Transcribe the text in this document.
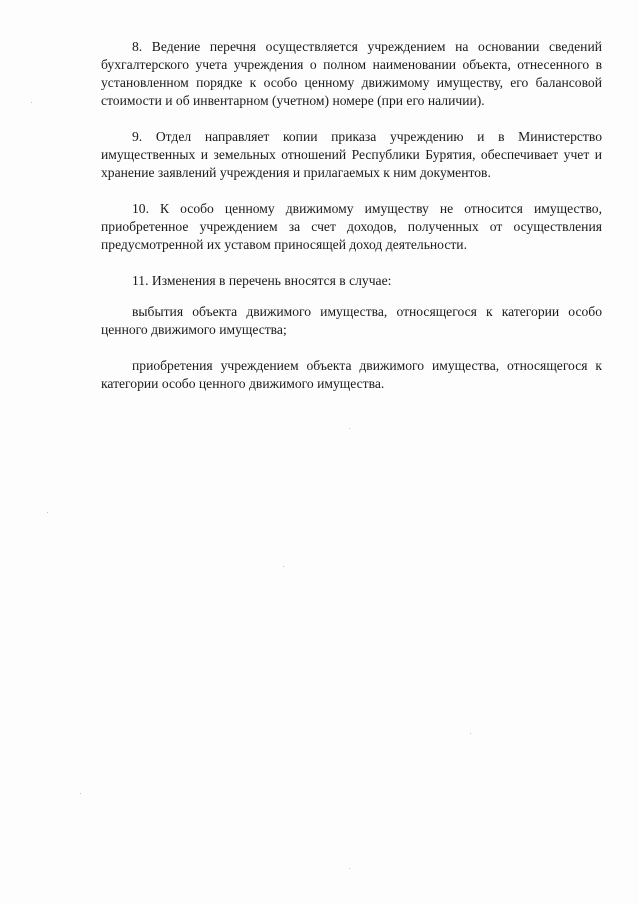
8. Ведение перечня осуществляется учреждением на основании сведений бухгалтерского учета учреждения о полном наименовании объекта, отнесенного в установленном порядке к особо ценному движимому имуществу, его балансовой стоимости и об инвентарном (учетном) номере (при его наличии).

9. Отдел направляет копии приказа учреждению и в Министерство имущественных и земельных отношений Республики Бурятия, обеспечивает учет и хранение заявлений учреждения и прилагаемых к ним документов.

10. К особо ценному движимому имуществу не относится имущество, приобретенное учреждением за счет доходов, полученных от осуществления предусмотренной их уставом приносящей доход деятельности.

11. Изменения в перечень вносятся в случае:

выбытия объекта движимого имущества, относящегося к категории особо ценного движимого имущества;

приобретения учреждением объекта движимого имущества, относящегося к категории особо ценного движимого имущества.
